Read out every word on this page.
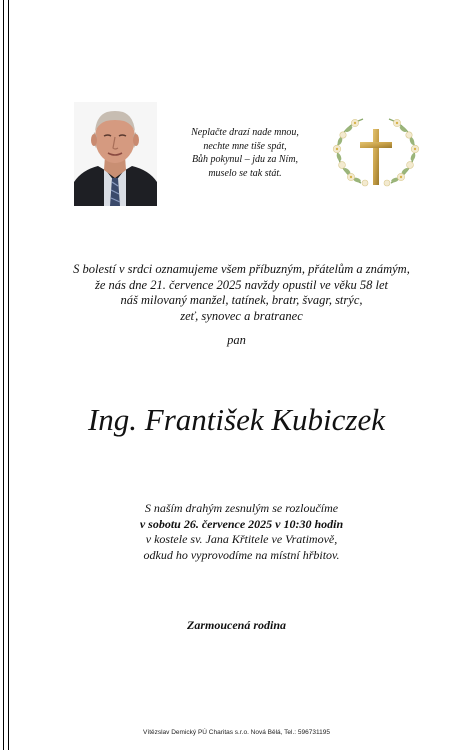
Neplačte drazí nade mnou,
nechte mne tiše spát,
Bůh pokynul – jdu za Ním,
muselo se tak stát.
S bolestí v srdci oznamujeme všem příbuzným, přátelům a známým,
že nás dne 21. července 2025 navždy opustil ve věku 58 let
náš milovaný manžel, tatínek, bratr, švagr, strýc,
zeť, synovec a bratranec
pan
Ing. František Kubiczek
S naším drahým zesnulým se rozloučíme
v sobotu 26. července 2025 v 10:30 hodin
v kostele sv. Jana Křtitele ve Vratimově,
odkud ho vyprovodíme na místní hřbitov.
Zarmoucená rodina
Vítězslav Demický PÚ Charitas s.r.o. Nová Bělá, Tel.: 596731195
